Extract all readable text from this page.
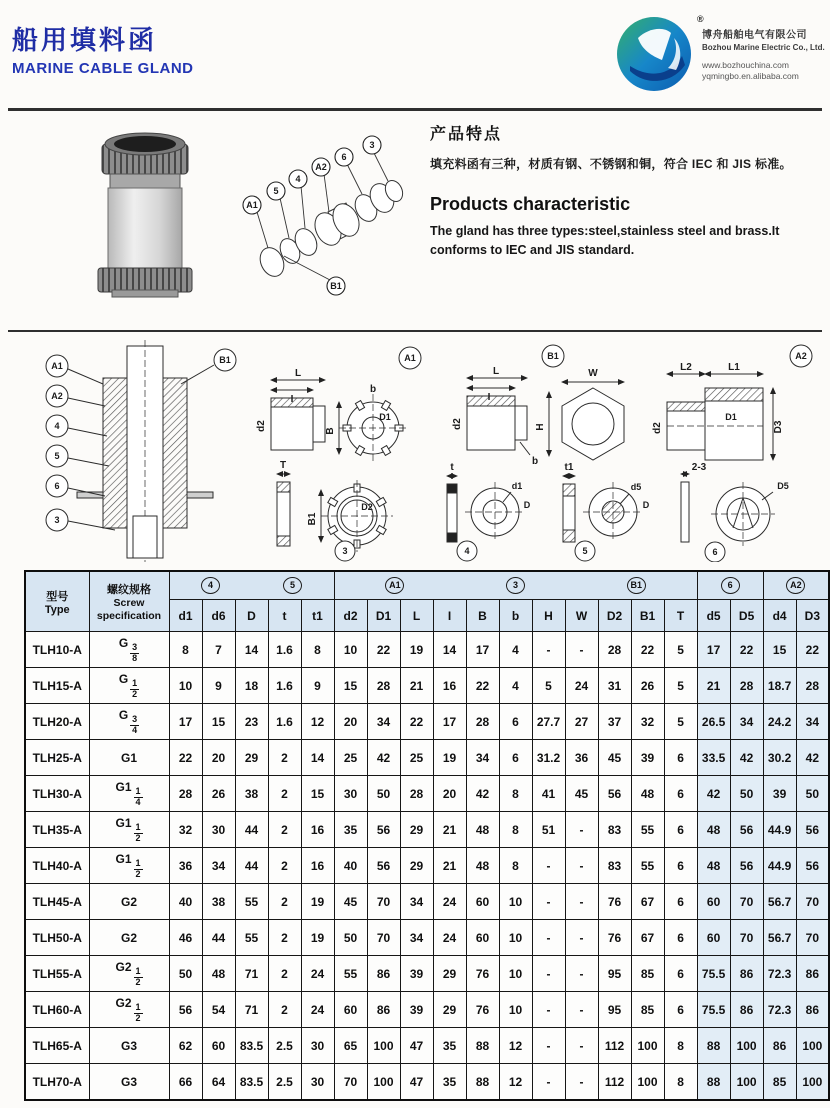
船用填料函
MARINE CABLE GLAND
®
博舟船舶电气有限公司
Bozhou Marine Electric Co., Ltd.
www.bozhouchina.com
yqmingbo.en.alibaba.com
A1
5
4
A2
6
3
B1
产品特点
填充料函有三种，材质有钢、不锈钢和铜，符合 IEC 和 JIS 标准。
Products characteristic
The gland has three types:steel,stainless steel and brass.It conforms to IEC and JIS standard.
A1
A2
4
5
6
3
B1
L
I
d2
b
B
D1
A1
T
B1
D2
3
L
I
d2
b
W
H
B1
t
d1
D
4
t1
d5
D
5
L2	L1
d2
D1
D3
A2
2-3
D5
6
型号
Type

螺纹规格
Screw specification

4	5	A1	3	B1	6	A2

		d1	d6	D	t	t1	d2	D1	L	I	B	b	H	W	D2	B1	T	d5	D5	d4	D3
TLH10-A	G $\frac{3}{8}$	8	7	14	1.6	8	10	22	19	14	17	4	-	-	28	22	5	17	22	15	22
TLH15-A	G $\frac{1}{2}$	10	9	18	1.6	9	15	28	21	16	22	4	5	24	31	26	5	21	28	18.7	28
TLH20-A	G $\frac{3}{4}$	17	15	23	1.6	12	20	34	22	17	28	6	27.7	27	37	32	5	26.5	34	24.2	34
TLH25-A	G1	22	20	29	2	14	25	42	25	19	34	6	31.2	36	45	39	6	33.5	42	30.2	42
TLH30-A	$G1 \frac{1}{4}$	28	26	38	2	15	30	50	28	20	42	8	41	45	56	48	6	42	50	39	50
TLH35-A	$G1 \frac{1}{2}$	32	30	44	2	16	35	56	29	21	48	8	51	-	83	55	6	48	56	44.9	56
TLH40-A	$G1 \frac{1}{2}$	36	34	44	2	16	40	56	29	21	48	8	-	-	83	55	6	48	56	44.9	56
TLH45-A	G2	40	38	55	2	19	45	70	34	24	60	10	-	-	76	67	6	60	70	56.7	70
TLH50-A	G2	46	44	55	2	19	50	70	34	24	60	10	-	-	76	67	6	60	70	56.7	70
TLH55-A	$G2 \frac{1}{2}$	50	48	71	2	24	55	86	39	29	76	10	-	-	95	85	6	75.5	86	72.3	86
TLH60-A	$G2 \frac{1}{2}$	56	54	71	2	24	60	86	39	29	76	10	-	-	95	85	6	75.5	86	72.3	86
TLH65-A	G3	62	60	83.5	2.5	30	65	100	47	35	88	12	-	-	112	100	8	88	100	86	100
TLH70-A	G3	66	64	83.5	2.5	30	70	100	47	35	88	12	-	-	112	100	8	88	100	85	100
